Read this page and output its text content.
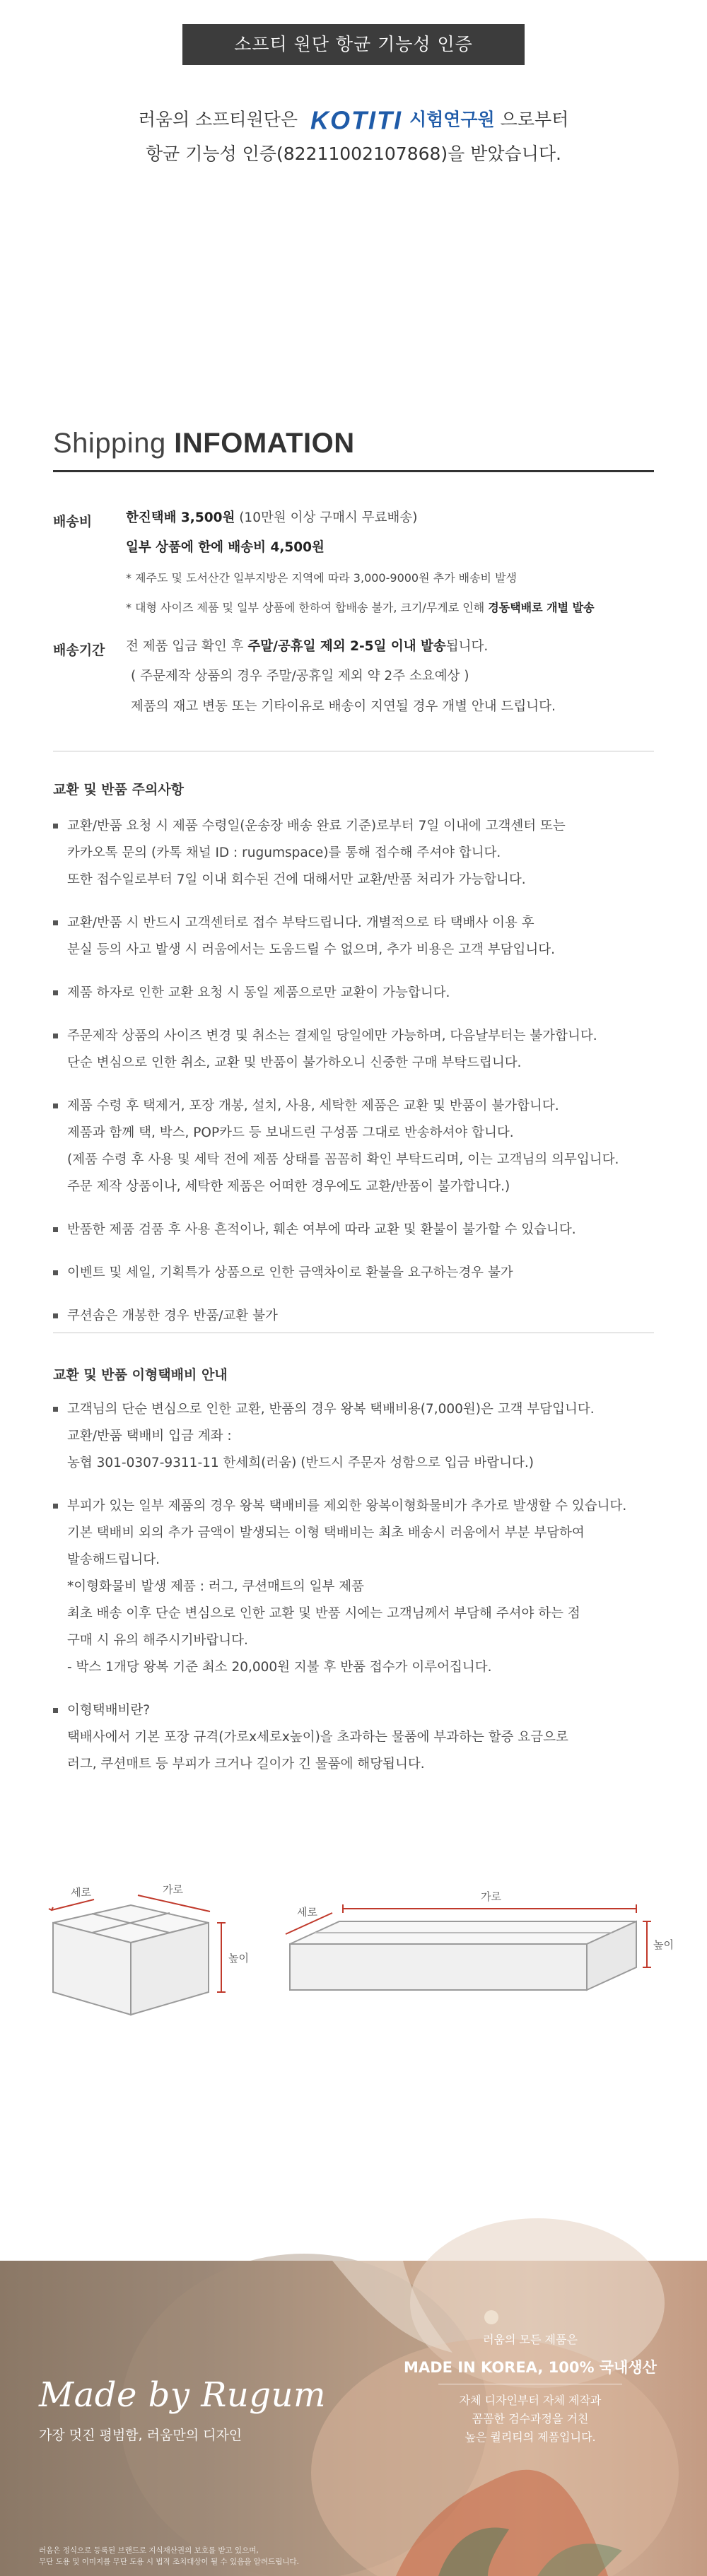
소프티 원단 항균 기능성 인증
러움의 소프티원단은 KOTITI 시험연구원 으로부터
항균 기능성 인증(82211002107868)을 받았습니다.
Shipping INFOMATION
배송비	한진택배 3,500원 (10만원 이상 구매시 무료배송)
일부 상품에 한에 배송비 4,500원
* 제주도 및 도서산간 일부지방은 지역에 따라 3,000-9000원 추가 배송비 발생
* 대형 사이즈 제품 및 일부 상품에 한하여 합배송 불가, 크기/무게로 인해 경동택배로 개별 발송
배송기간 전 제품 입금 확인 후 주말/공휴일 제외 2-5일 이내 발송됩니다.
( 주문제작 상품의 경우 주말/공휴일 제외 약 2주 소요예상 )
제품의 재고 변동 또는 기타이유로 배송이 지연될 경우 개별 안내 드립니다.
교환 및 반품 주의사항
교환/반품 요청 시 제품 수령일(운송장 배송 완료 기준)로부터 7일 이내에 고객센터 또는
카카오톡 문의 (카톡 채널 ID : rugumspace)를 통해 접수해 주셔야 합니다.
또한 접수일로부터 7일 이내 회수된 건에 대해서만 교환/반품 처리가 가능합니다.
교환/반품 시 반드시 고객센터로 접수 부탁드립니다. 개별적으로 타 택배사 이용 후
분실 등의 사고 발생 시 러움에서는 도움드릴 수 없으며, 추가 비용은 고객 부담입니다.
제품 하자로 인한 교환 요청 시 동일 제품으로만 교환이 가능합니다.
주문제작 상품의 사이즈 변경 및 취소는 결제일 당일에만 가능하며, 다음날부터는 불가합니다.
단순 변심으로 인한 취소, 교환 및 반품이 불가하오니 신중한 구매 부탁드립니다.
제품 수령 후 택제거, 포장 개봉, 설치, 사용, 세탁한 제품은 교환 및 반품이 불가합니다.
제품과 함께 택, 박스, POP카드 등 보내드린 구성품 그대로 반송하셔야 합니다.
(제품 수령 후 사용 및 세탁 전에 제품 상태를 꼼꼼히 확인 부탁드리며, 이는 고객님의 의무입니다.
주문 제작 상품이나, 세탁한 제품은 어떠한 경우에도 교환/반품이 불가합니다.)
반품한 제품 검품 후 사용 흔적이나, 훼손 여부에 따라 교환 및 환불이 불가할 수 있습니다.
이벤트 및 세일, 기획특가 상품으로 인한 금액차이로 환불을 요구하는경우 불가
쿠션솜은 개봉한 경우 반품/교환 불가
교환 및 반품 이형택배비 안내
고객님의 단순 변심으로 인한 교환, 반품의 경우 왕복 택배비용(7,000원)은 고객 부담입니다.
교환/반품 택배비 입금 계좌 :
농협 301-0307-9311-11 한세희(러움) (반드시 주문자 성함으로 입금 바랍니다.)
부피가 있는 일부 제품의 경우 왕복 택배비를 제외한 왕복이형화물비가 추가로 발생할 수 있습니다.
기본 택배비 외의 추가 금액이 발생되는 이형 택배비는 최초 배송시 러움에서 부분 부담하여
발송해드립니다.
*이형화물비 발생 제품 : 러그, 쿠션매트의 일부 제품
최초 배송 이후 단순 변심으로 인한 교환 및 반품 시에는 고객님께서 부담해 주셔야 하는 점
구매 시 유의 해주시기바랍니다.
- 박스 1개당 왕복 기준 최소 20,000원 지불 후 반품 접수가 이루어집니다.
이형택배비란?
택배사에서 기본 포장 규격(가로x세로x높이)을 초과하는 물품에 부과하는 할증 요금으로
러그, 쿠션매트 등 부피가 크거나 길이가 긴 물품에 해당됩니다.
세로	가로
높이
세로
가로
높이
Made by Rugum
가장 멋진 평범함, 러움만의 디자인
러움의 모든 제품은
MADE IN KOREA, 100% 국내생산
자체 디자인부터 자체 제작과
꼼꼼한 검수과정을 거친
높은 퀄리티의 제품입니다.
러움은 정식으로 등록된 브랜드로 지식재산권의 보호를 받고 있으며,
무단 도용 및 이미지를 무단 도용 시 법적 조치대상이 될 수 있음을 알려드립니다.
